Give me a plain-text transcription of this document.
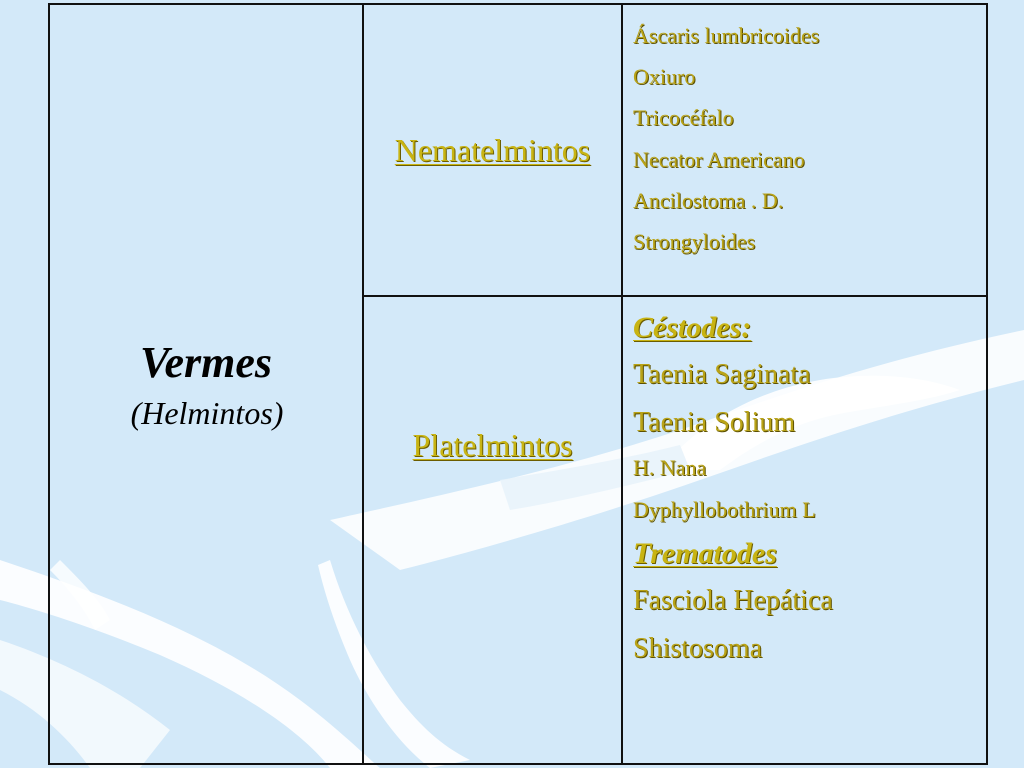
Vermes
(Helmintos)
Nematelmintos
Áscaris lumbricoides
Oxiuro
Tricocéfalo
Necator Americano
Ancilostoma . D.
Strongyloides
Platelmintos
Céstodes:
Taenia Saginata
Taenia Solium
H. Nana
Dyphyllobothrium L
Trematodes
Fasciola Hepática
Shistosoma
